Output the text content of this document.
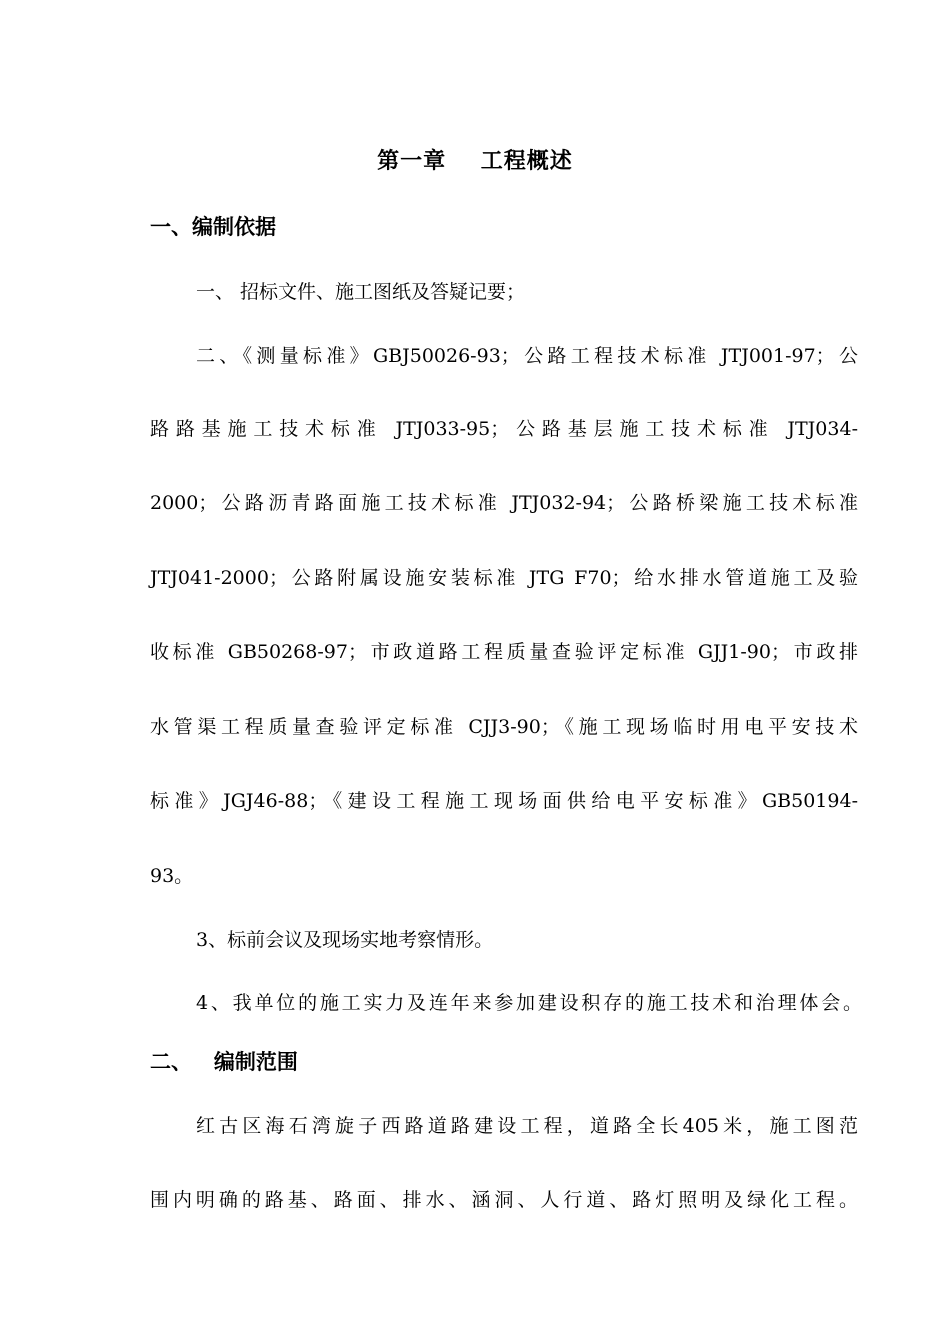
第一章    工程概述
一、编制依据
一、 招标文件、施工图纸及答疑记要；
二、《测量标准》GBJ50026-93；公路工程技术标准 JTJ001-97；公
路路基施工技术标准 JTJ033-95；公路基层施工技术标准 JTJ034-
2000；公路沥青路面施工技术标准 JTJ032-94；公路桥梁施工技术标准
JTJ041-2000；公路附属设施安装标准 JTG F70；给水排水管道施工及验
收标准 GB50268-97；市政道路工程质量查验评定标准 GJJ1-90；市政排
水管渠工程质量查验评定标准 CJJ3-90；《施工现场临时用电平安技术
标准》JGJ46-88；《建设工程施工现场面供给电平安标准》GB50194-
93。
3、标前会议及现场实地考察情形。
4、我单位的施工实力及连年来参加建设积存的施工技术和治理体会。
二、   编制范围
红古区海石湾旋子西路道路建设工程，道路全长405米，施工图范
围内明确的路基、路面、排水、涵洞、人行道、路灯照明及绿化工程。
